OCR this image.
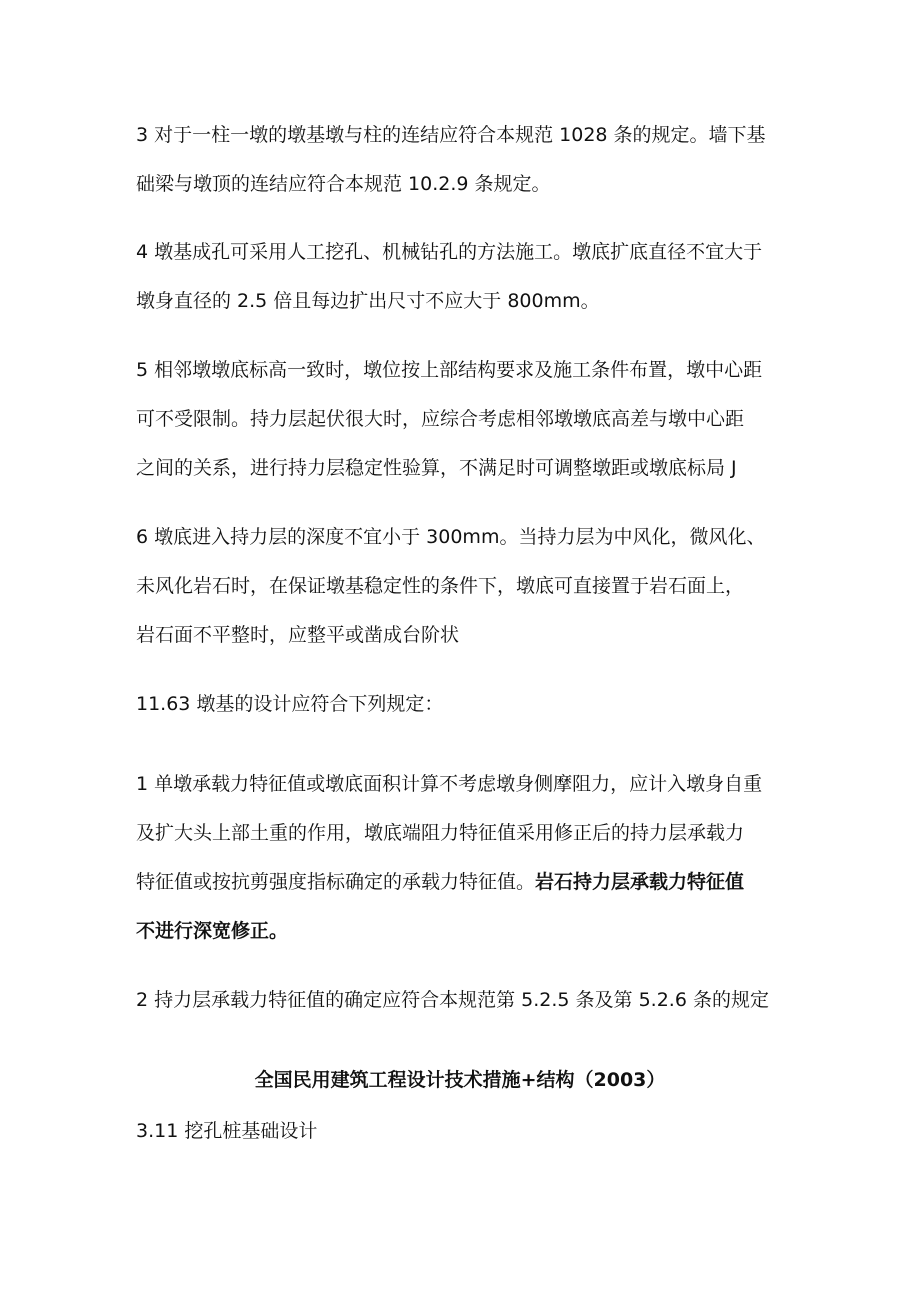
3 对于一柱一墩的墩基墩与柱的连结应符合本规范 1028 条的规定。墙下基
础梁与墩顶的连结应符合本规范 10.2.9 条规定。
4 墩基成孔可采用人工挖孔、机械钻孔的方法施工。墩底扩底直径不宜大于
墩身直径的 2.5 倍且每边扩出尺寸不应大于 800mm。
5 相邻墩墩底标高一致时，墩位按上部结构要求及施工条件布置，墩中心距
可不受限制。持力层起伏很大时，应综合考虑相邻墩墩底高差与墩中心距
之间的关系，进行持力层稳定性验算，不满足时可调整墩距或墩底标局 J
6 墩底进入持力层的深度不宜小于 300mm。当持力层为中风化，微风化、
未风化岩石时，在保证墩基稳定性的条件下，墩底可直接置于岩石面上，
岩石面不平整时，应整平或凿成台阶状
11.63 墩基的设计应符合下列规定：
1 单墩承载力特征值或墩底面积计算不考虑墩身侧摩阻力，应计入墩身自重
及扩大头上部土重的作用，墩底端阻力特征值采用修正后的持力层承载力
特征值或按抗剪强度指标确定的承载力特征值。岩石持力层承载力特征值
不进行深宽修正。
2 持力层承载力特征值的确定应符合本规范第 5.2.5 条及第 5.2.6 条的规定
全国民用建筑工程设计技术措施+结构（2003）
3.11 挖孔桩基础设计
